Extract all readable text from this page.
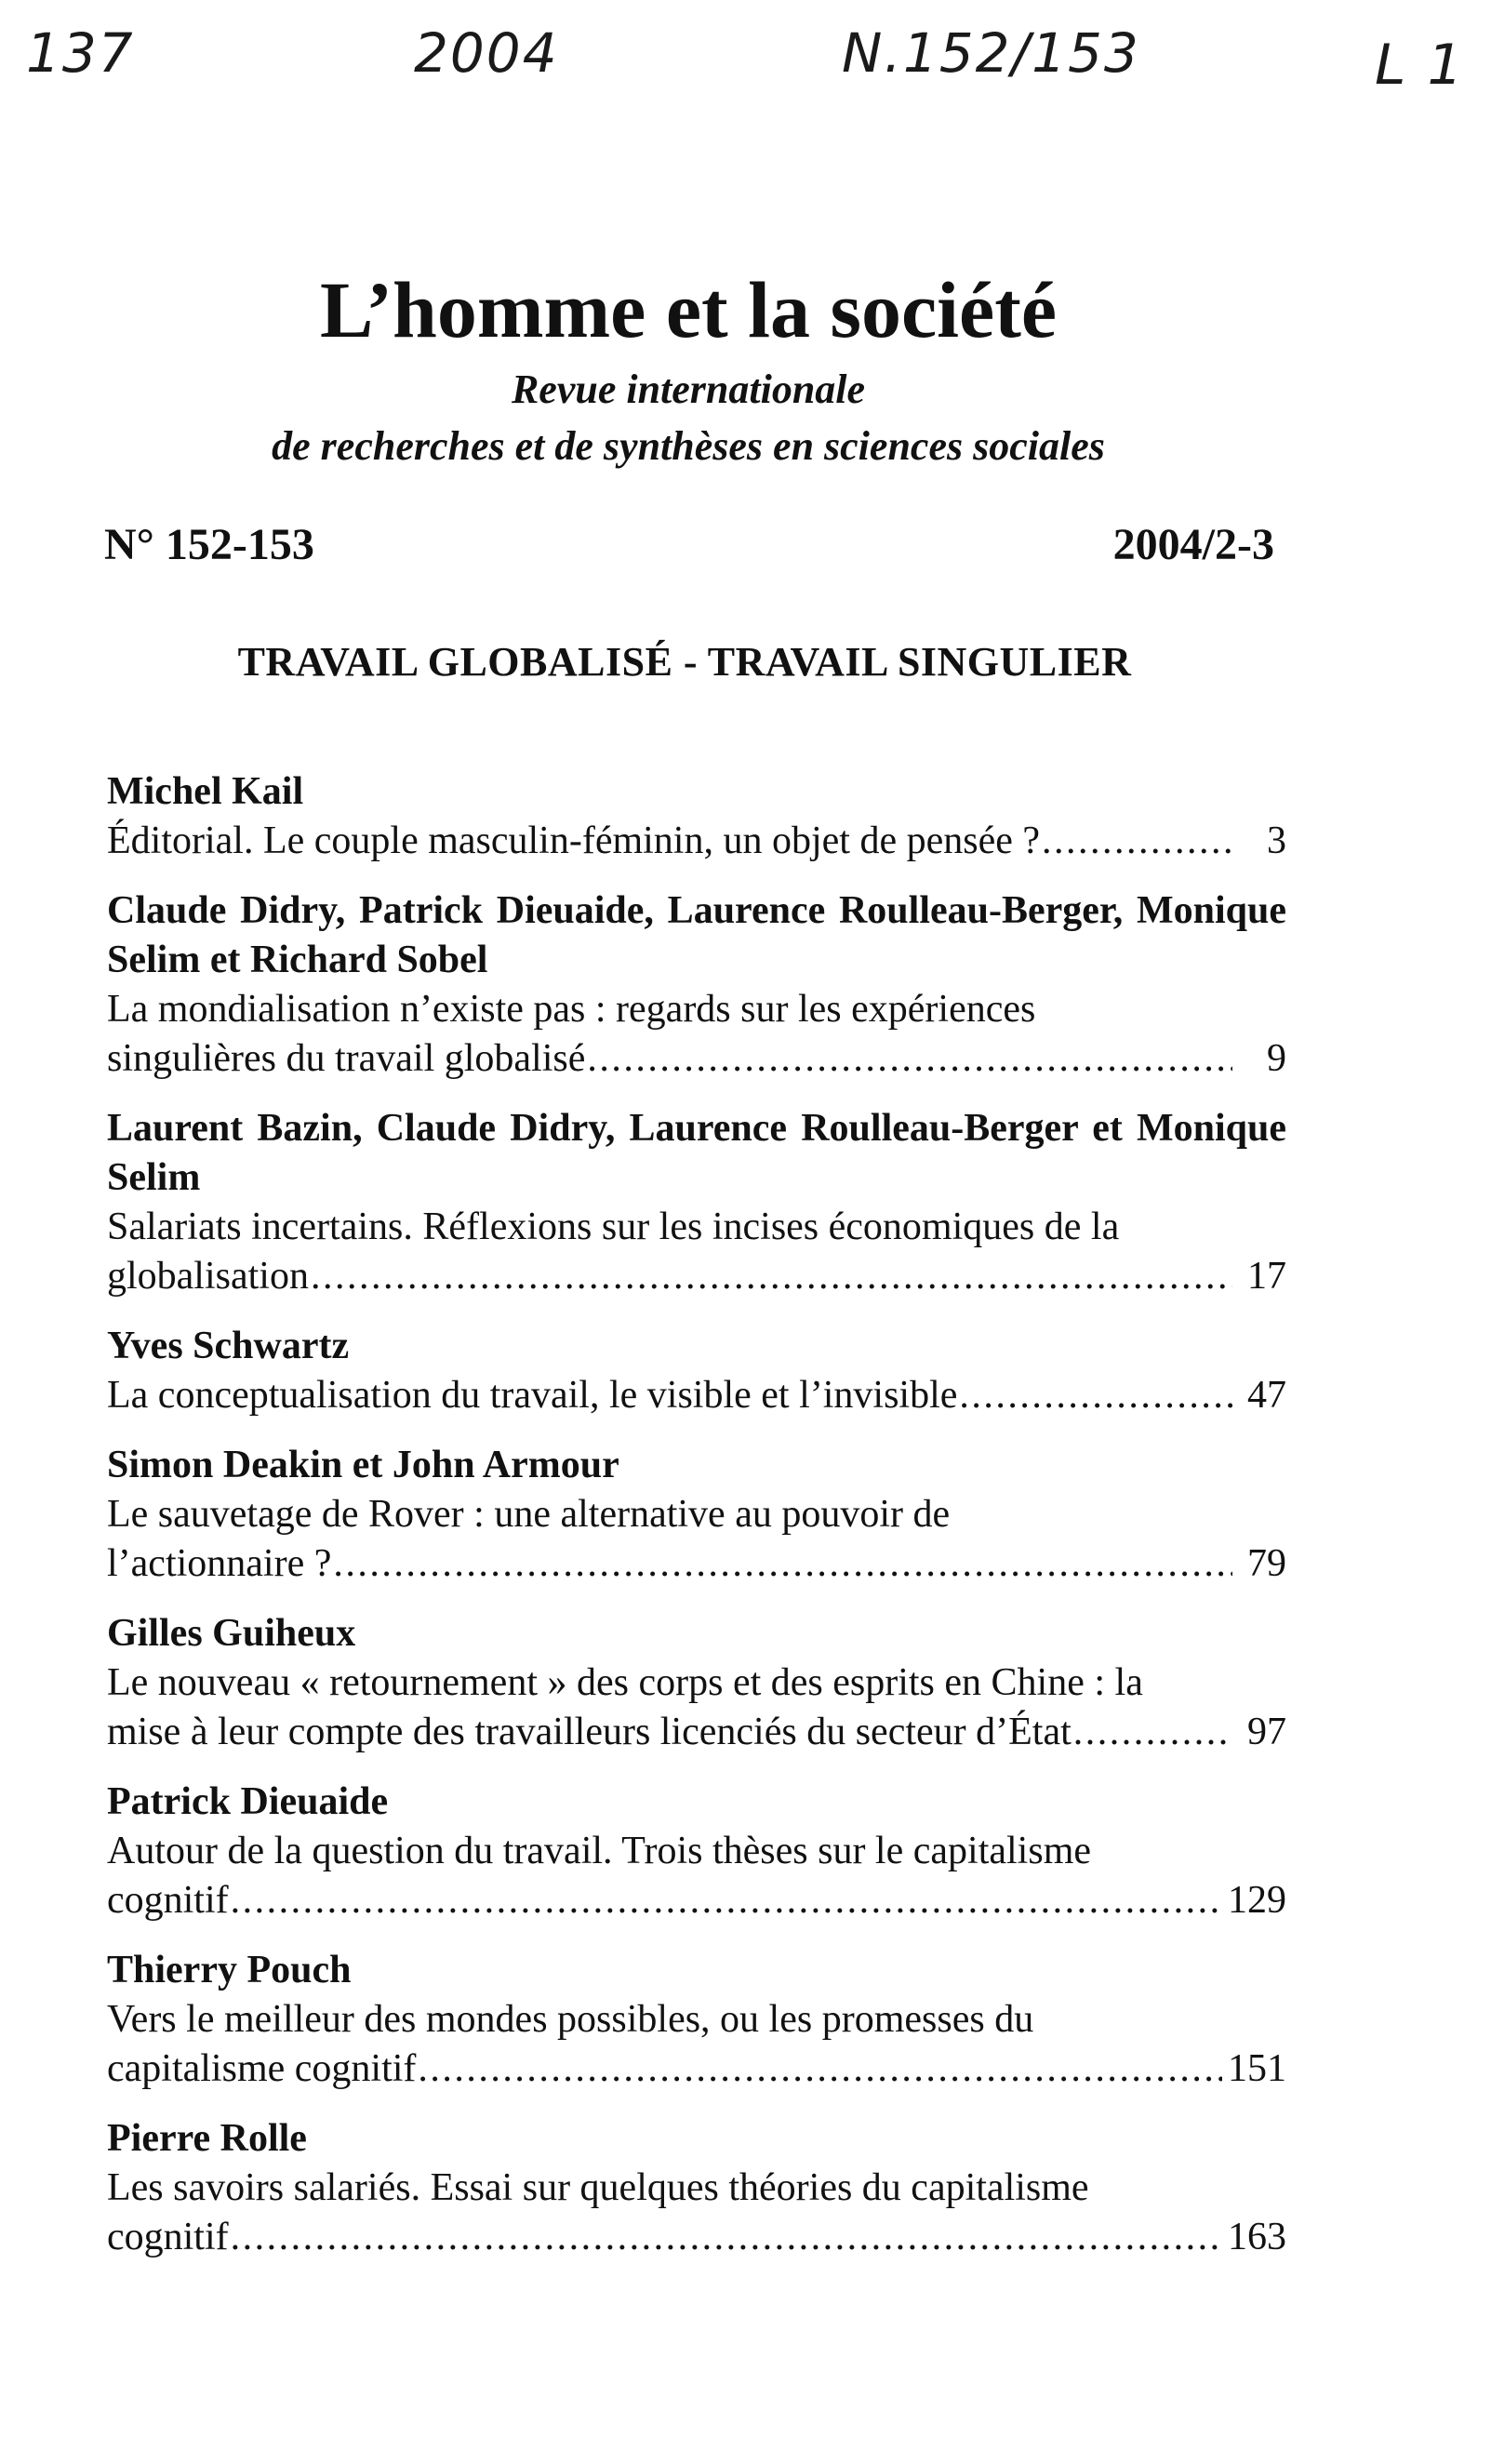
137	2004	N.152/153	L 1
L’homme et la société
Revue internationale
de recherches et de synthèses en sciences sociales
N° 152-153	2004/2-3
TRAVAIL GLOBALISÉ - TRAVAIL SINGULIER
Michel Kail
Éditorial. Le couple masculin-féminin, un objet de pensée ? . . .	3
Claude Didry, Patrick Dieuaide, Laurence Roulleau-Berger, Monique Selim et Richard Sobel
La mondialisation n’existe pas : regards sur les expériences
singulières du travail globalisé . . .	9
Laurent Bazin, Claude Didry, Laurence Roulleau-Berger et Monique Selim
Salariats incertains. Réflexions sur les incises économiques de la
globalisation . . .	17
Yves Schwartz
La conceptualisation du travail, le visible et l’invisible . . .	47
Simon Deakin et John Armour
Le sauvetage de Rover : une alternative au pouvoir de
l’actionnaire ? . . .	79
Gilles Guiheux
Le nouveau « retournement » des corps et des esprits en Chine : la
mise à leur compte des travailleurs licenciés du secteur d’État . . .	97
Patrick Dieuaide
Autour de la question du travail. Trois thèses sur le capitalisme
cognitif . . .	129
Thierry Pouch
Vers le meilleur des mondes possibles, ou les promesses du
capitalisme cognitif . . .	151
Pierre Rolle
Les savoirs salariés. Essai sur quelques théories du capitalisme
cognitif . . .	163
